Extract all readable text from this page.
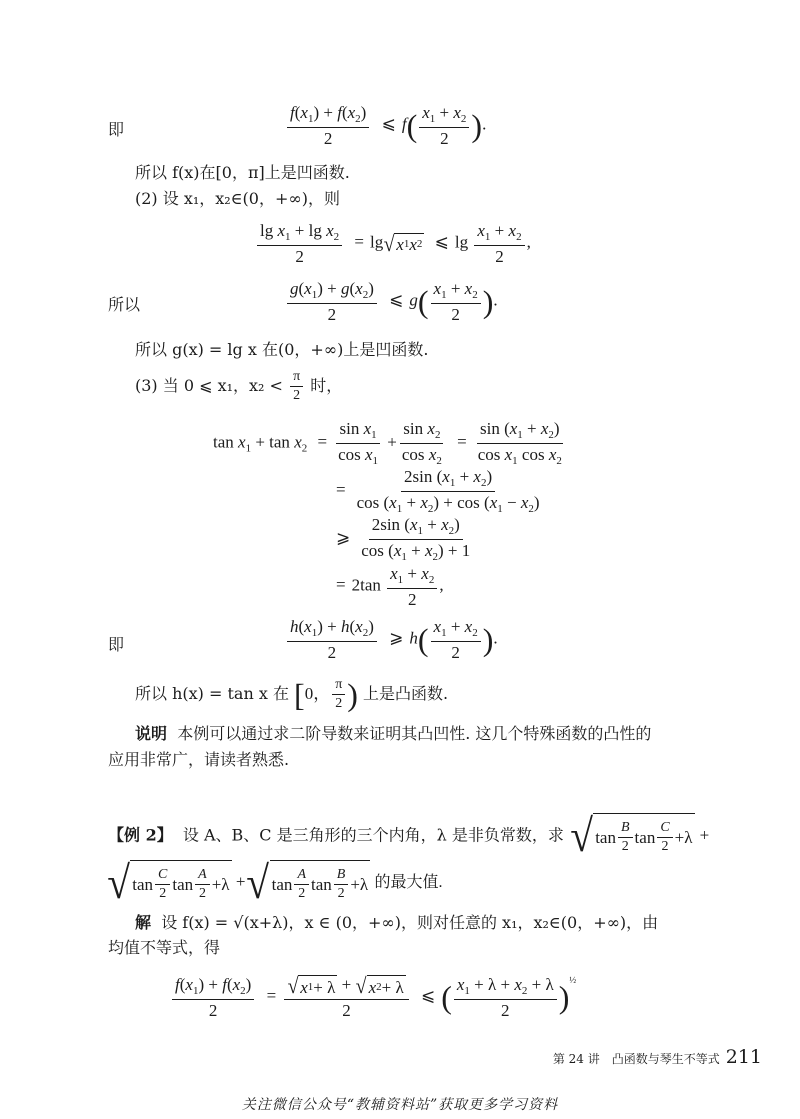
即	$\frac{f(x_1) + f(x_2)}{2}$ ⩽ $f( \frac{x_1 + x_2}{2}$ ).
所以 f(x)在[0，π]上是凹函数.
(2) 设 x₁，x₂∈(0，+∞)，则
$\frac{\lg x_1 + \lg x_2}{2} = \lg$ √ x 1 x 2 ⩽ $\lg \frac{x_1 + x_2}{2}$ ,
所以	$\frac{g(x_1) + g(x_2)}{2}$ ⩽ $g( \frac{x_1 + x_2}{2}$ ).
所以 g(x) = lg x 在(0，+∞)上是凹函数.
(3) 当 0 ⩽ x₁，$x_2 < \frac{\pi}{2}$ 时，
$\tan x_1 + \tan x_2 = \frac{\sin x_1}{\cos x_1} + \frac{\sin x_2}{\cos x_2} = \frac{\sin (x_1 + x_2)}{\cos x_1 \cos x_2}$
= $\frac{2\sin (x_1 + x_2)}{\cos (x_1 + x_2) + \cos (x_1 - x_2)}$
⩾ $\frac{2\sin (x_1 + x_2)}{\cos (x_1 + x_2) + 1}$
= $2\tan \frac{x_1 + x_2}{2}$ ,
即	$\frac{h(x_1) + h(x_2)}{2}$ ⩾ $h( \frac{x_1 + x_2}{2}$ ).
所以 h(x) = tan x 在 [0， $\frac{\pi}{2}$ ) 上是凸函数.
说明 本例可以通过求二阶导数来证明其凸凹性. 这几个特殊函数的凸性的
应用非常广，请读者熟悉.
【例 2】 设 A、B、C 是三角形的三个内角，λ 是非负常数，求 √ $\tan \frac{B}{2}$ $\tan \frac{C}{2} +\lambda$ +
√ $\tan \frac{C}{2}$ $\tan \frac{A}{2} +\lambda$ + √ $\tan \frac{A}{2}$ $\tan \frac{B}{2} +\lambda$ 的最大值.
解 设 f(x) = √(x+λ)，x ∈ (0，+∞)，则对任意的 x₁，x₂∈(0，+∞)，由
均值不等式，得
$\frac{f(x_1) + f(x_2)}{2} = \frac{√ x 1 + \lambda + √ x 2 + \lambda}{2}$ ⩽ ( $\frac{x_1 + \lambda + x_2 + \lambda}{2} )^{\frac{1}{2}}$
第 24 讲　凸函数与琴生不等式 211
关注微信公众号“教辅资料站”获取更多学习资料
